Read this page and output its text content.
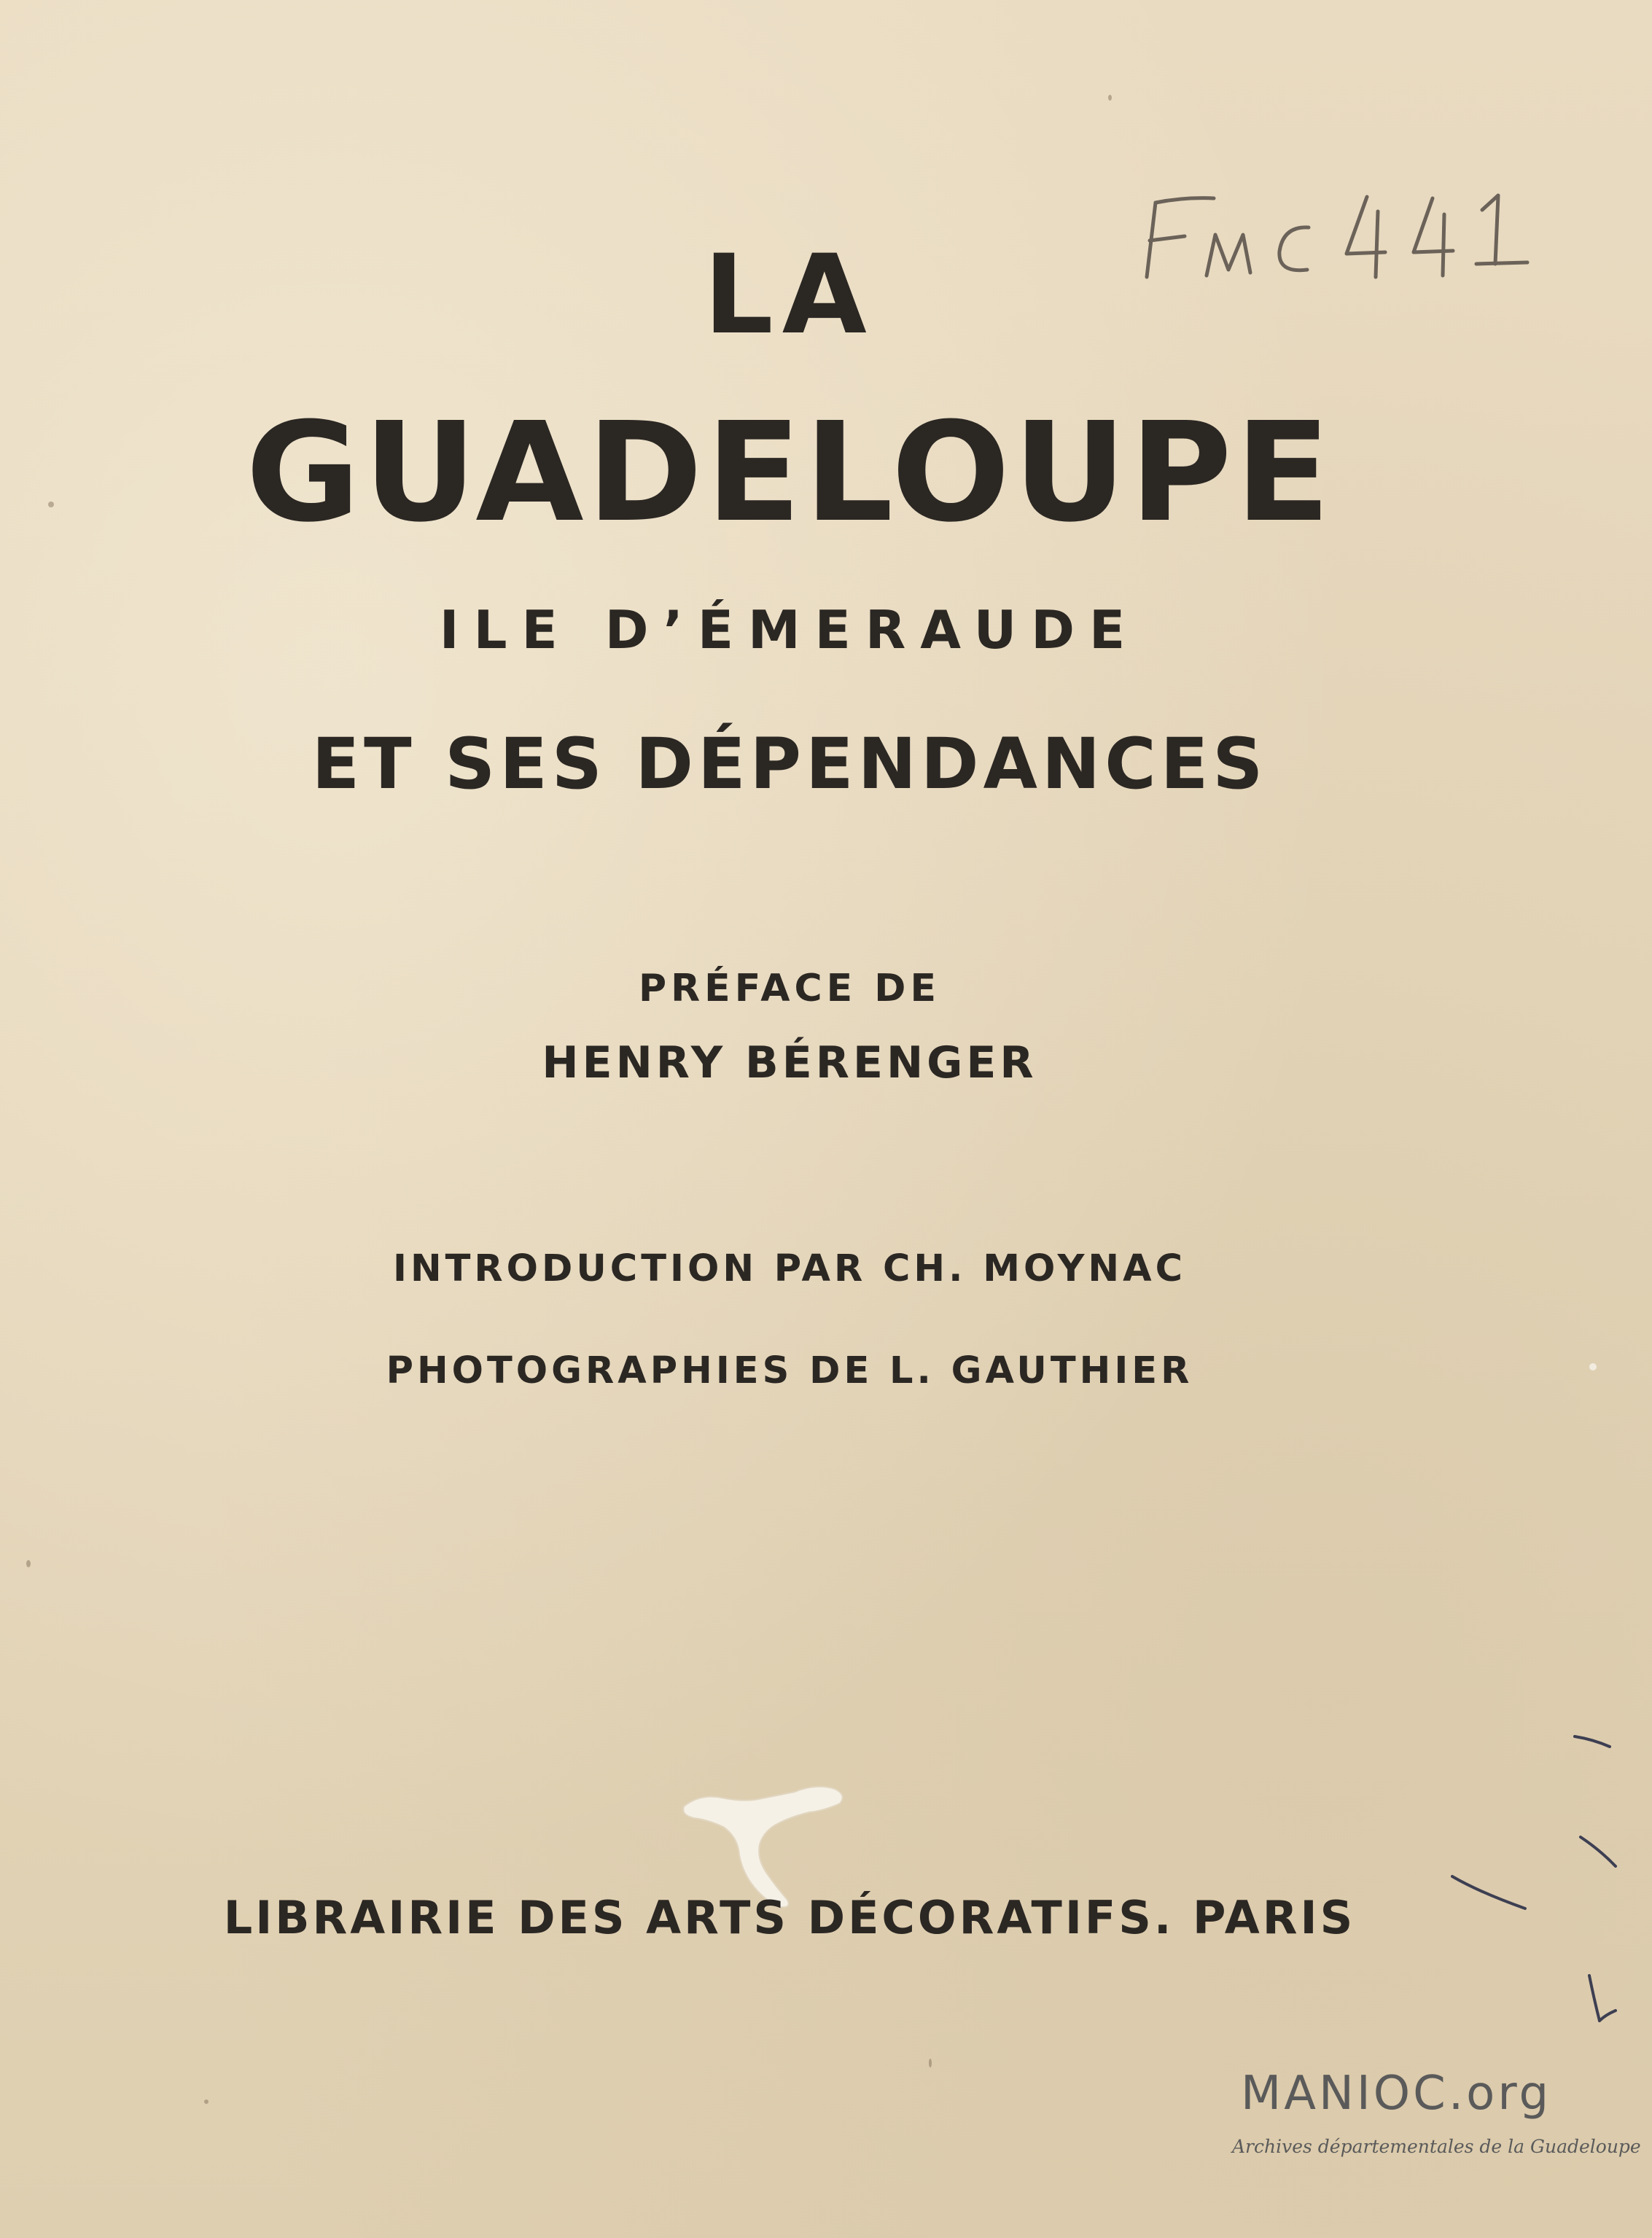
LA
GUADELOUPE
ILE D’ÉMERAUDE
ET SES DÉPENDANCES
PRÉFACE DE
HENRY BÉRENGER
INTRODUCTION PAR CH. MOYNAC
PHOTOGRAPHIES DE L. GAUTHIER
LIBRAIRIE DES ARTS DÉCORATIFS. PARIS
MANIOC.org
Archives départementales de la Guadeloupe
